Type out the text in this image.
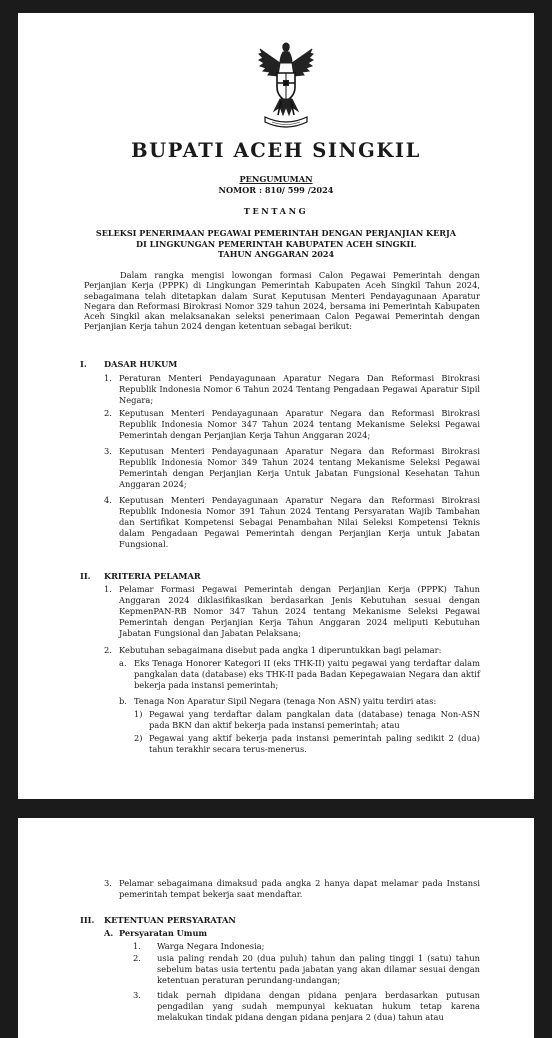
BUPATI ACEH SINGKIL
PENGUMUMAN
NOMOR : 810/ 599 /2024
TENTANG
SELEKSI PENERIMAAN PEGAWAI PEMERINTAH DENGAN PERJANJIAN KERJA
DI LINGKUNGAN PEMERINTAH KABUPATEN ACEH SINGKIL
TAHUN ANGGARAN 2024
Dalam rangka mengisi lowongan formasi Calon Pegawai Pemerintah dengan Perjanjian Kerja (PPPK) di Lingkungan Pemerintah Kabupaten Aceh Singkil Tahun 2024, sebagaimana telah ditetapkan dalam Surat Keputusan Menteri Pendayagunaan Aparatur Negara dan Reformasi Birokrasi Nomor 329 tahun 2024, bersama ini Pemerintah Kabupaten Aceh Singkil akan melaksanakan seleksi penerimaan Calon Pegawai Pemerintah dengan Perjanjian Kerja tahun 2024 dengan ketentuan sebagai berikut:
I. DASAR HUKUM
1. Peraturan Menteri Pendayagunaan Aparatur Negara Dan Reformasi Birokrasi Republik Indonesia Nomor 6 Tahun 2024 Tentang Pengadaan Pegawai Aparatur Sipil Negara;
2. Keputusan Menteri Pendayagunaan Aparatur Negara dan Reformasi Birokrasi Republik Indonesia Nomor 347 Tahun 2024 tentang Mekanisme Seleksi Pegawai Pemerintah dengan Perjanjian Kerja Tahun Anggaran 2024;
3. Keputusan Menteri Pendayagunaan Aparatur Negara dan Reformasi Birokrasi Republik Indonesia Nomor 349 Tahun 2024 tentang Mekanisme Seleksi Pegawai Pemerintah dengan Perjanjian Kerja Untuk Jabatan Fungsional Kesehatan Tahun Anggaran 2024;
4. Keputusan Menteri Pendayagunaan Aparatur Negara dan Reformasi Birokrasi Republik Indonesia Nomor 391 Tahun 2024 Tentang Persyaratan Wajib Tambahan dan Sertifikat Kompetensi Sebagai Penambahan Nilai Seleksi Kompetensi Teknis dalam Pengadaan Pegawai Pemerintah dengan Perjanjian Kerja untuk Jabatan Fungsional.
II. KRITERIA PELAMAR
1. Pelamar Formasi Pegawai Pemerintah dengan Perjanjian Kerja (PPPK) Tahun Anggaran 2024 diklasifikasikan berdasarkan Jenis Kebutuhan sesuai dengan KepmenPAN-RB Nomor 347 Tahun 2024 tentang Mekanisme Seleksi Pegawai Pemerintah dengan Perjanjian Kerja Tahun Anggaran 2024 meliputi Kebutuhan Jabatan Fungsional dan Jabatan Pelaksana;
2. Kebutuhan sebagaimana disebut pada angka 1 diperuntukkan bagi pelamar:
a. Eks Tenaga Honorer Kategori II (eks THK-II) yaitu pegawai yang terdaftar dalam pangkalan data (database) eks THK-II pada Badan Kepegawaian Negara dan aktif bekerja pada instansi pemerintah;
b. Tenaga Non Aparatur Sipil Negara (tenaga Non ASN) yaitu terdiri atas:
1) Pegawai yang terdaftar dalam pangkalan data (database) tenaga Non-ASN pada BKN dan aktif bekerja pada instansi pemerintah; atau
2) Pegawai yang aktif bekerja pada instansi pemerintah paling sedikit 2 (dua) tahun terakhir secara terus-menerus.
3. Pelamar sebagaimana dimaksud pada angka 2 hanya dapat melamar pada Instansi pemerintah tempat bekerja saat mendaftar.
III. KETENTUAN PERSYARATAN
A. Persyaratan Umum
1. Warga Negara Indonesia;
2. usia paling rendah 20 (dua puluh) tahun dan paling tinggi 1 (satu) tahun sebelum batas usia tertentu pada jabatan yang akan dilamar sesuai dengan ketentuan peraturan perundang-undangan;
3. tidak pernah dipidana dengan pidana penjara berdasarkan putusan pengadilan yang sudah mempunyai kekuatan hukum tetap karena melakukan tindak pidana dengan pidana penjara 2 (dua) tahun atau
